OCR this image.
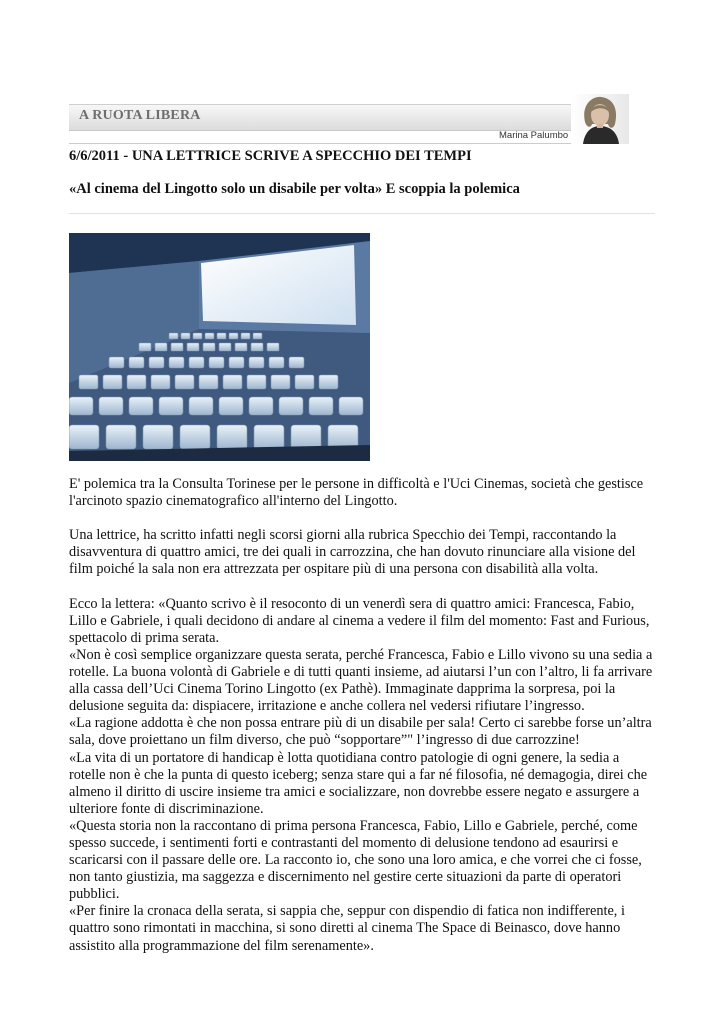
A RUOTA LIBERA
Marina Palumbo
6/6/2011 - UNA LETTRICE SCRIVE A SPECCHIO DEI TEMPI
«Al cinema del Lingotto solo un disabile per volta» E scoppia la polemica

E' polemica tra la Consulta Torinese per le persone in difficoltà e l'Uci Cinemas, società che gestisce l'arcinoto spazio cinematografico all'interno del Lingotto.

Una lettrice, ha scritto infatti negli scorsi giorni alla rubrica Specchio dei Tempi, raccontando la disavventura di quattro amici, tre dei quali in carrozzina, che han dovuto rinunciare alla visione del film poiché la sala non era attrezzata per ospitare più di una persona con disabilità alla volta.

Ecco la lettera: «Quanto scrivo è il resoconto di un venerdì sera di quattro amici: Francesca, Fabio, Lillo e Gabriele, i quali decidono di andare al cinema a vedere il film del momento: Fast and Furious, spettacolo di prima serata.

«Non è così semplice organizzare questa serata, perché Francesca, Fabio e Lillo vivono su una sedia a rotelle. La buona volontà di Gabriele e di tutti quanti insieme, ad aiutarsi l’un con l’altro, li fa arrivare alla cassa dell’Uci Cinema Torino Lingotto (ex Pathè). Immaginate dapprima la sorpresa, poi la delusione seguita da: dispiacere, irritazione e anche collera nel vedersi rifiutare l’ingresso.

«La ragione addotta è che non possa entrare più di un disabile per sala! Certo ci sarebbe forse un’altra sala, dove proiettano un film diverso, che può “sopportare”" l’ingresso di due carrozzine!

«La vita di un portatore di handicap è lotta quotidiana contro patologie di ogni genere, la sedia a rotelle non è che la punta di questo iceberg; senza stare qui a far né filosofia, né demagogia, direi che almeno il diritto di uscire insieme tra amici e socializzare, non dovrebbe essere negato e assurgere a ulteriore fonte di discriminazione.

«Questa storia non la raccontano di prima persona Francesca, Fabio, Lillo e Gabriele, perché, come spesso succede, i sentimenti forti e contrastanti del momento di delusione tendono ad esaurirsi e scaricarsi con il passare delle ore. La racconto io, che sono una loro amica, e che vorrei che ci fosse, non tanto giustizia, ma saggezza e discernimento nel gestire certe situazioni da parte di operatori pubblici.

«Per finire la cronaca della serata, si sappia che, seppur con dispendio di fatica non indifferente, i quattro sono rimontati in macchina, si sono diretti al cinema The Space di Beinasco, dove hanno assistito alla programmazione del film serenamente».
